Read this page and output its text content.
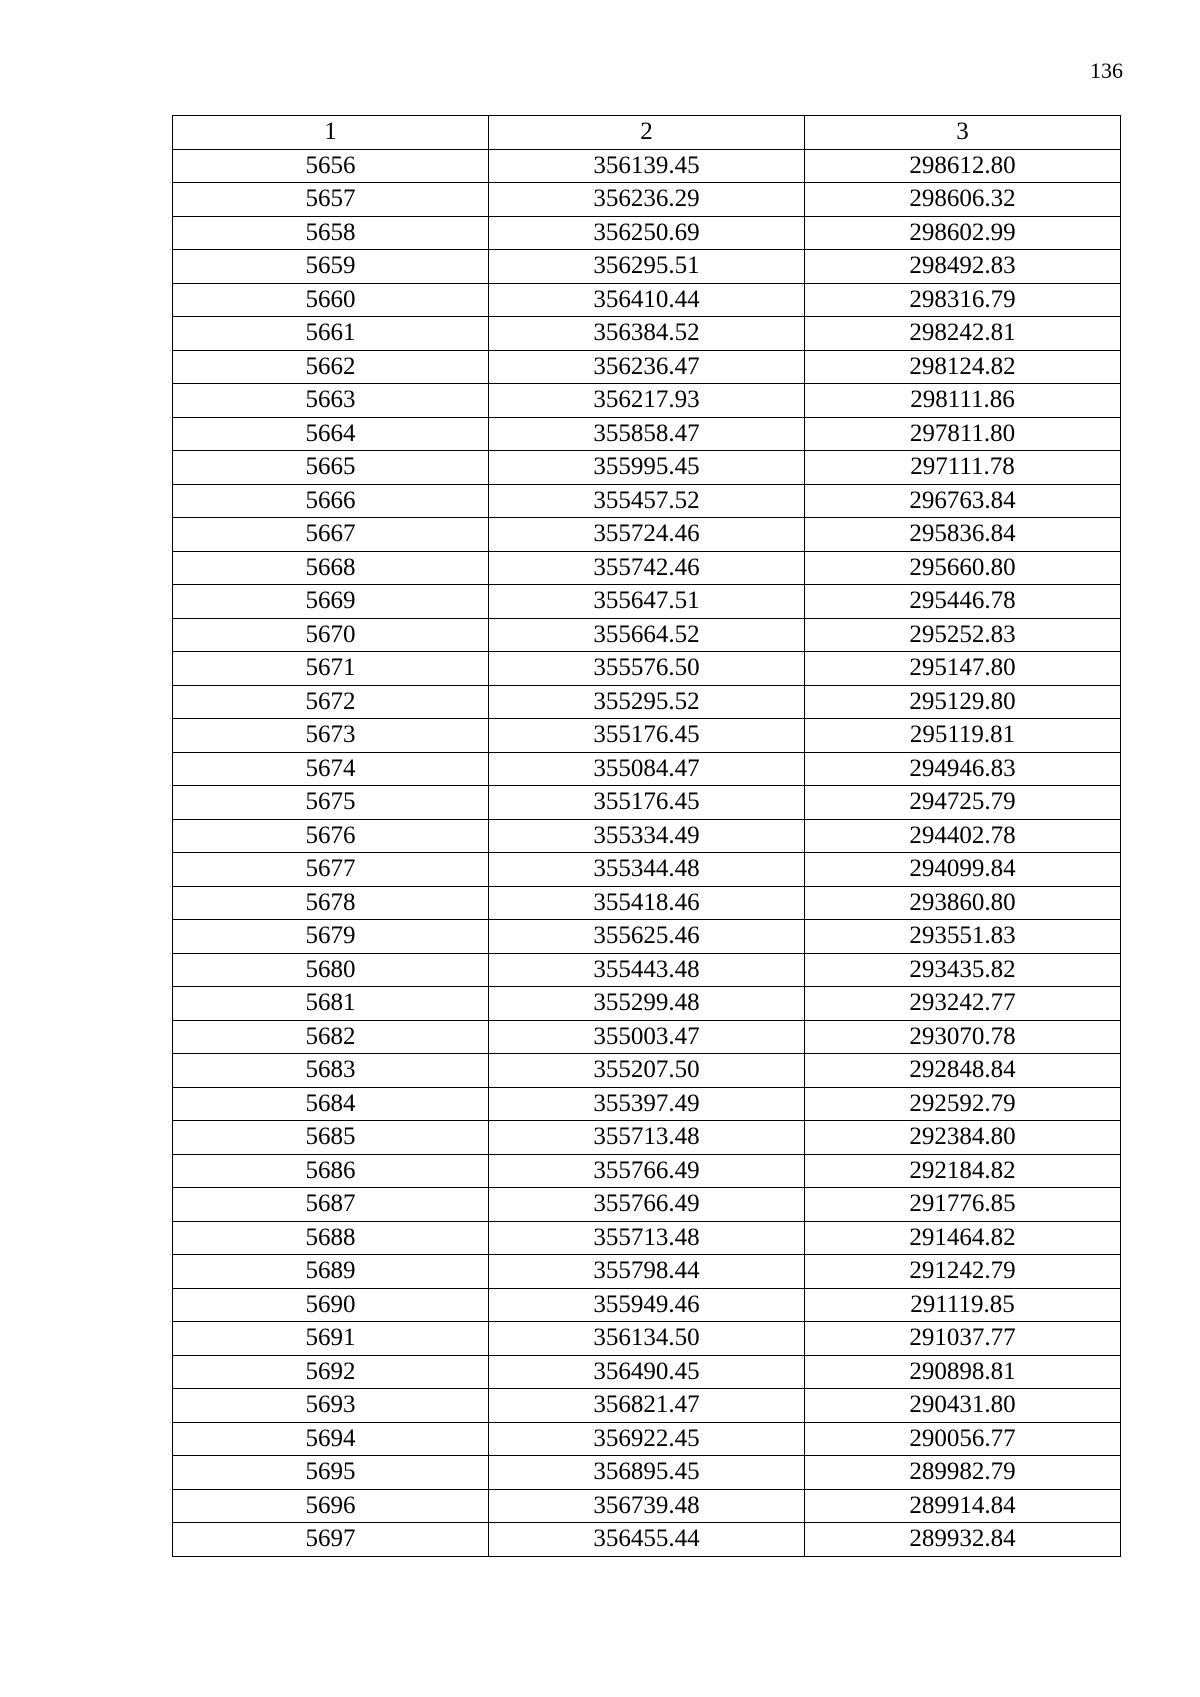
136
1	2	3
5656	356139.45	298612.80
5657	356236.29	298606.32
5658	356250.69	298602.99
5659	356295.51	298492.83
5660	356410.44	298316.79
5661	356384.52	298242.81
5662	356236.47	298124.82
5663	356217.93	298111.86
5664	355858.47	297811.80
5665	355995.45	297111.78
5666	355457.52	296763.84
5667	355724.46	295836.84
5668	355742.46	295660.80
5669	355647.51	295446.78
5670	355664.52	295252.83
5671	355576.50	295147.80
5672	355295.52	295129.80
5673	355176.45	295119.81
5674	355084.47	294946.83
5675	355176.45	294725.79
5676	355334.49	294402.78
5677	355344.48	294099.84
5678	355418.46	293860.80
5679	355625.46	293551.83
5680	355443.48	293435.82
5681	355299.48	293242.77
5682	355003.47	293070.78
5683	355207.50	292848.84
5684	355397.49	292592.79
5685	355713.48	292384.80
5686	355766.49	292184.82
5687	355766.49	291776.85
5688	355713.48	291464.82
5689	355798.44	291242.79
5690	355949.46	291119.85
5691	356134.50	291037.77
5692	356490.45	290898.81
5693	356821.47	290431.80
5694	356922.45	290056.77
5695	356895.45	289982.79
5696	356739.48	289914.84
5697	356455.44	289932.84
